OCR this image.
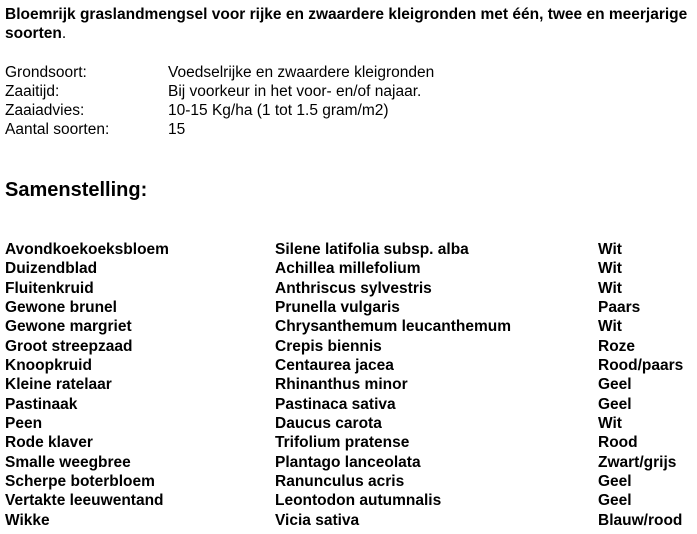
Bloemrijk graslandmengsel voor rijke en zwaardere kleigronden met één, twee en meerjarige soorten.
Grondsoort:	Voedselrijke en zwaardere kleigronden
Zaaitijd:	Bij voorkeur in het voor- en/of najaar.
Zaaiadvies:	10-15 Kg/ha (1 tot 1.5 gram/m2)
Aantal soorten:	15
Samenstelling:
Avondkoekoeksbloem	Silene latifolia subsp. alba	Wit
Duizendblad	Achillea millefolium	Wit
Fluitenkruid	Anthriscus sylvestris	Wit
Gewone brunel	Prunella vulgaris	Paars
Gewone margriet	Chrysanthemum leucanthemum	Wit
Groot streepzaad	Crepis biennis	Roze
Knoopkruid	Centaurea jacea	Rood/paars
Kleine ratelaar	Rhinanthus minor	Geel
Pastinaak	Pastinaca sativa	Geel
Peen	Daucus carota	Wit
Rode klaver	Trifolium pratense	Rood
Smalle weegbree	Plantago lanceolata	Zwart/grijs
Scherpe boterbloem	Ranunculus acris	Geel
Vertakte leeuwentand	Leontodon autumnalis	Geel
Wikke	Vicia sativa	Blauw/rood
